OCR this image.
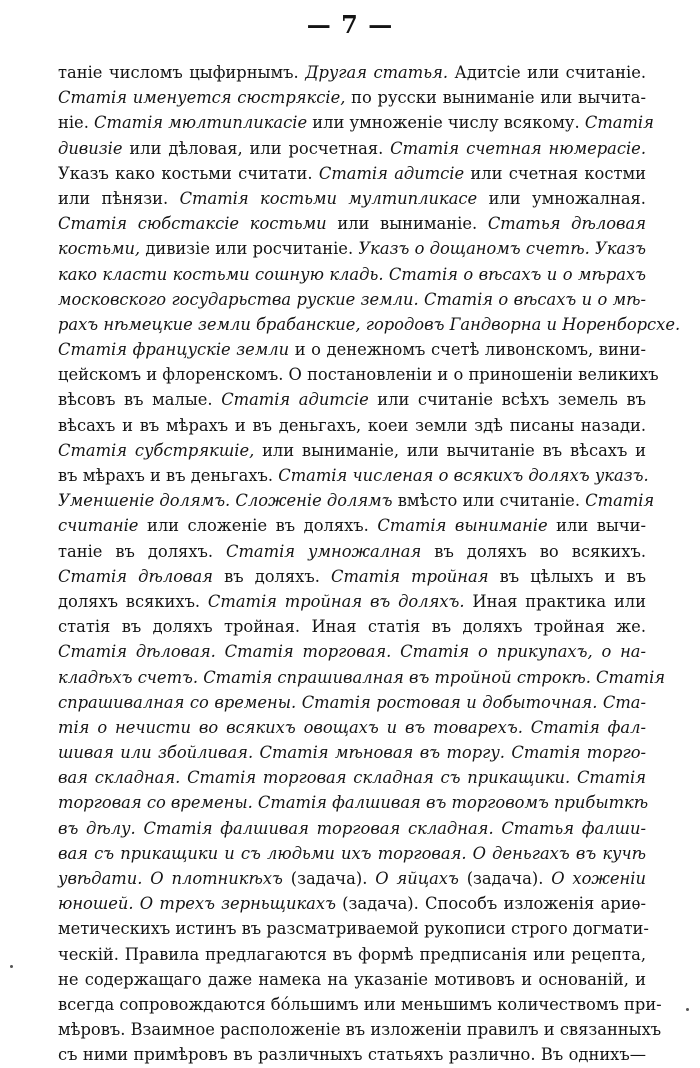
— 7 —
таніе числомъ цыфирнымъ. Другая статья. Адитсіе или считаніе.
Статія именуется сюстряксіе, по русски выниманіе или вычита-
ніе. Статія мюлтипликасіе или умноженіе числу всякому. Статія
дивизіе или дѣловая, или росчетная. Статія счетная нюмерасіе.
Указъ како костьми считати. Статія адитсіе или счетная костми
или пѣнязи. Статія костьми мултипликасе или умножалная.
Статія сюбстаксіе костьми или выниманіе. Статья дѣловая
костьми, дивизіе или росчитаніе. Указъ о дощаномъ счетѣ. Указъ
како класти костьми сошную кладь. Статія о вѣсахъ и о мѣрахъ
московского государьства руские земли. Статія о вѣсахъ и о мѣ-
рахъ нѣмецкие земли брабанские, городовъ Гандворна и Норенборсхе.
Статія францускіе земли и о денежномъ счетѣ ливонскомъ, вини-
цейскомъ и флоренскомъ. О постановленіи и о приношеніи великихъ
вѣсовъ въ малые. Статія адитсіе или считаніе всѣхъ земель въ
вѣсахъ и въ мѣрахъ и въ деньгахъ, коеи земли здѣ писаны назади.
Статія субстрякшіе, или выниманіе, или вычитаніе въ вѣсахъ и
въ мѣрахъ и въ деньгахъ. Статія численая о всякихъ доляхъ указъ.
Уменшеніе долямъ. Сложеніе долямъ вмѣсто или считаніе. Статія
считаніе или сложеніе въ доляхъ. Статія выниманіе или вычи-
таніе въ доляхъ. Статія умножалная въ доляхъ во всякихъ.
Статія дѣловая въ доляхъ. Статія тройная въ цѣлыхъ и въ
доляхъ всякихъ. Статія тройная въ доляхъ. Иная практика или
статія въ доляхъ тройная. Иная статія въ доляхъ тройная же.
Статія дѣловая. Статія торговая. Статія о прикупахъ, о на-
кладѣхъ счетъ. Статія спрашивалная въ тройной строкѣ. Статія
спрашивалная со времены. Статія ростовая и добыточная. Ста-
тія о нечисти во всякихъ овощахъ и въ товарехъ. Статія фал-
шивая или збойливая. Статія мѣновая въ торгу. Статія торго-
вая складная. Статія торговая складная съ прикащики. Статія
торговая со времены. Статія фалшивая въ торговомъ прибыткѣ
въ дѣлу. Статія фалшивая торговая складная. Статья фалши-
вая съ прикащики и съ людьми ихъ торговая. О деньгахъ въ кучѣ
увѣдати. О плотникѣхъ (задача). О яйцахъ (задача). О хоженіи
юношей. О трехъ зерньщикахъ (задача). Способъ изложенія ариѳ-
метическихъ истинъ въ разсматриваемой рукописи строго догмати-
ческій. Правила предлагаются въ формѣ предписанія или рецепта,
не содержащаго даже намека на указаніе мотивовъ и основаній, и
всегда сопровождаются бóльшимъ или меньшимъ количествомъ при-
мѣровъ. Взаимное расположеніе въ изложеніи правилъ и связанныхъ
съ ними примѣровъ въ различныхъ статьяхъ различно. Въ однихъ—
